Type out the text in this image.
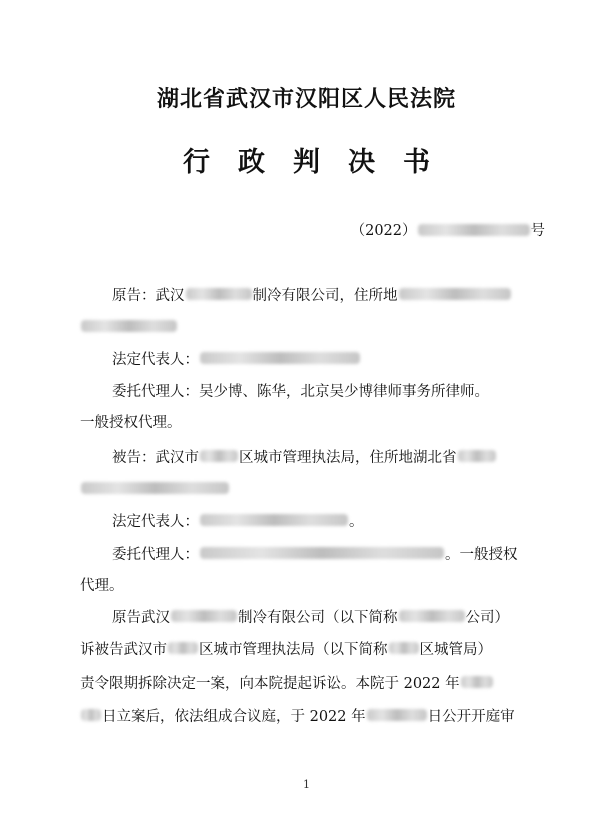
湖北省武汉市汉阳区人民法院
行政判决书
（2022）	号
原告：武汉	制冷有限公司，住所地
法定代表人：
委托代理人：吴少博、陈华，北京吴少博律师事务所律师。
一般授权代理。
被告：武汉市	区城市管理执法局，住所地湖北省
法定代表人：	。
委托代理人：	。一般授权
代理。
原告武汉	制冷有限公司（以下简称	公司）
诉被告武汉市 区城市管理执法局（以下简称 区城管局）
责令限期拆除决定一案，向本院提起诉讼。本院于 2022 年
日立案后，依法组成合议庭，于 2022 年	日公开开庭审
1
